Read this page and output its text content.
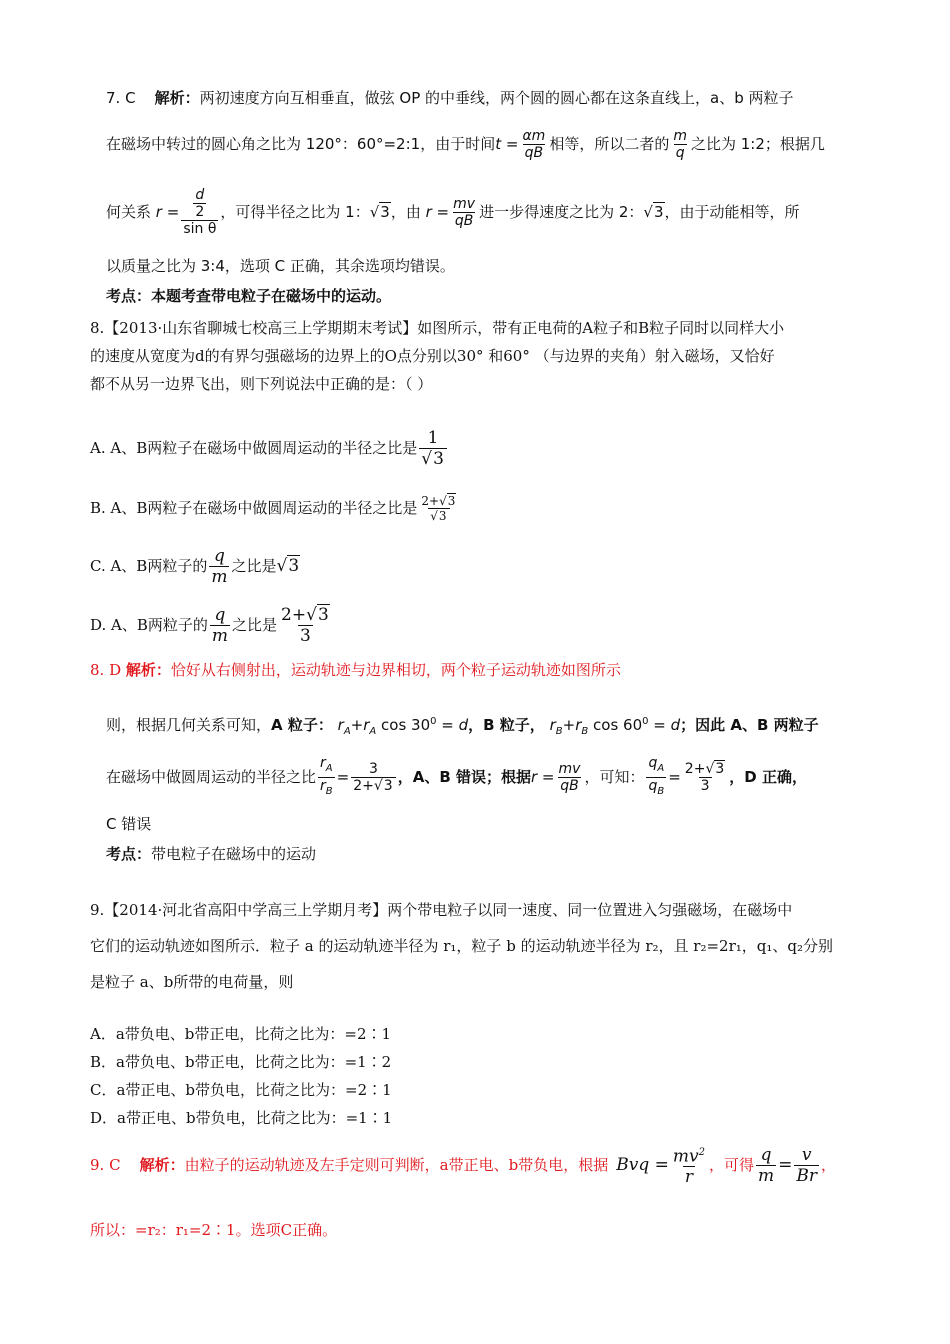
7. C 解析：两初速度方向互相垂直，做弦 OP 的中垂线，两个圆的圆心都在这条直线上，a、b 两粒子
在磁场中转过的圆心角之比为 120°：60°=2:1，由于时间 $t = \frac{\alpha m}{qB}$ 相等，所以二者的 $\frac{m}{q}$ 之比为 1:2；根据几
何关系
r = d
2
sin θ ，可得半径之比为 1： √3 ，由
$r = \frac{mv}{qB}$ 进一步得速度之比为 2： √3 ，由于动能相等，所
以质量之比为 3:4，选项 C 正确，其余选项均错误。
考点：本题考查带电粒子在磁场中的运动。
8.【2013·山东省聊城七校高三上学期期末考试】如图所示，带有正电荷的A粒子和B粒子同时以同样大小
的速度从宽度为d的有界匀强磁场的边界上的O点分别以30° 和60° （与边界的夹角）射入磁场，又恰好
都不从另一边界飞出，则下列说法中正确的是：（ ）
A. A、B两粒子在磁场中做圆周运动的半径之比是 $\frac{1}{√3}$
B. A、B两粒子在磁场中做圆周运动的半径之比是 $\frac{2+√3}{√3}$
C. A、B两粒子的 $\frac{q}{m}$ 之比是 √3
D. A、B两粒子的 $\frac{q}{m}$ 之比是 $\frac{2+√3}{3}$
8. D 解析：恰好从右侧射出，运动轨迹与边界相切，两个粒子运动轨迹如图所示
则，根据几何关系可知，A 粒子： $r_A+r_A$ $\cos 30^0 = d$，B 粒子， $r_B+r_B$ $\cos 60^0 = d$；因此 A、B 两粒子
在磁场中做圆周运动的半径之比 $\frac{r_A}{r_B} = \frac{3}{2+√3}$ ，A、B 错误；根据 $r = \frac{mv}{qB}$ ，可知： $\frac{q_A}{q_B} = \frac{2+√3}{3}$ ，D 正确，
C 错误
考点：带电粒子在磁场中的运动
9.【2014·河北省高阳中学高三上学期月考】两个带电粒子以同一速度、同一位置进入匀强磁场，在磁场中
它们的运动轨迹如图所示．粒子 a 的运动轨迹半径为 r₁，粒子 b 的运动轨迹半径为 r₂，且 r₂=2r₁，q₁、q₂分别
是粒子 a、b所带的电荷量，则
A．a带负电、b带正电，比荷之比为：=2∶1
B．a带负电、b带正电，比荷之比为：=1∶2
C．a带正电、b带负电，比荷之比为：=2∶1
D．a带正电、b带负电，比荷之比为：=1∶1
9. C
解析： 由粒子的运动轨迹及左手定则可判断，a带正电、b带负电，根据 Bvq = $\frac{mv^2}{r}$ ，可得 $\frac{q}{m} = \frac{v}{Br}$ ，
所以：=r₂：r₁=2∶1。选项C正确。
